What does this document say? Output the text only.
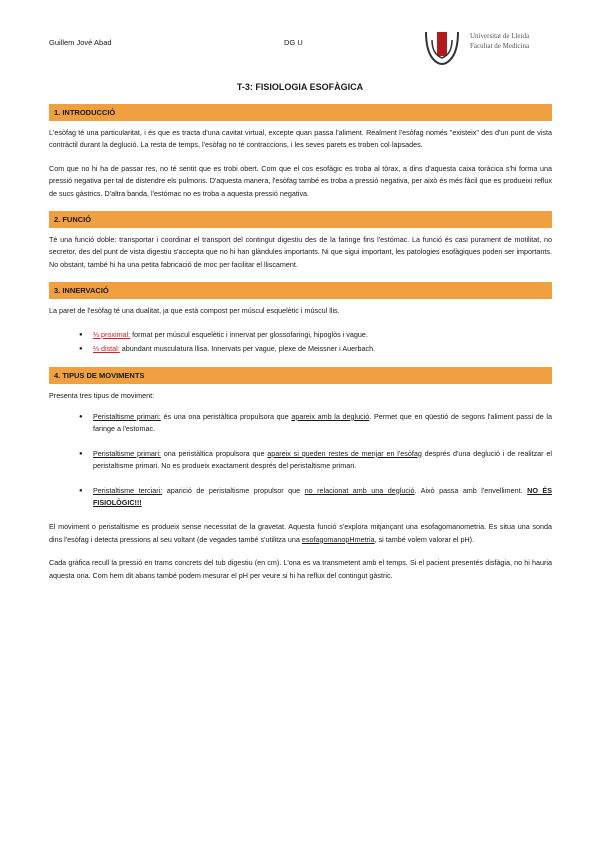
Guillem Jové Abad	DG U
Universitat de Lleida
Facultat de Medicina
T-3: FISIOLOGIA ESOFÀGICA
1. INTRODUCCIÓ

L'esòfag té una particularitat, i és que es tracta d'una cavitat virtual, excepte quan passa l'aliment. Realment l'esòfag només "existeix" des d'un punt de vista contràctil durant la deglució. La resta de temps, l'esòfag no té contraccions, i les seves parets es troben col·lapsades.

Com que no hi ha de passar res, no té sentit que es trobi obert. Com que el cos esofàgic es troba al tòrax, a dins d'aquesta caixa toràcica s'hi forma una pressió negativa per tal de distendre els pulmons. D'aquesta manera, l'esòfag també es troba a pressió negativa, per això és més fàcil que es produeixi reflux de sucs gàstrics. D'altra banda, l'estómac no es troba a aquesta pressió negativa.

2. FUNCIÓ

Té una funció doble: transportar i coordinar el transport del contingut digestiu des de la faringe fins l'estómac. La funció és casi purament de motilitat, no secretor, des del punt de vista digestiu s'accepta que no hi han glàndules importants. Ni que sigui important, les patologies esofàgiques poden ser importants. No obstant, també hi ha una petita fabricació de moc per facilitar el lliscament.

3. INNERVACIÓ

La paret de l'esòfag té una dualitat, ja que està compost per múscul esquelètic i múscul llis.

● ⅓ proximal: format per múscul esquelètic i innervat per glossofaringi, hipoglòs i vague.
● ⅔ distal: abundant musculatura llisa. Innervats per vague, plexe de Meissner i Auerbach.
4. TIPUS DE MOVIMENTS

Presenta tres tipus de moviment:

● Peristaltisme primari: és una ona peristàltica propulsora que apareix amb la deglució. Permet que en qüestió de segons l'aliment passi de la faringe a l'estomac.
● Peristaltisme primari: ona peristàltica propulsora que apareix si queden restes de menjar en l'esòfag després d'una deglució i de realitzar el peristaltisme primari. No es produeix exactament després del peristaltisme primari.
● Peristaltisme terciari: aparició de peristaltisme propulsor que no relacionat amb una deglució. Això passa amb l'envelliment. NO ÉS FISIOLÒGIC!!!

El moviment o peristaltisme es produeix sense necessitat de la gravetat. Aquesta funció s'explora mitjançant una esofagomanometria. Es situa una sonda dins l'esòfag i detecta pressions al seu voltant (de vegades també s'utilitza una esofagomanopHmetria, si també volem valorar el pH).

Cada gràfica recull la pressió en trams concrets del tub digestiu (en cm). L'ona es va transmetent amb el temps. Si el pacient presentés disfàgia, no hi hauria aquesta ona. Com hem dit abans també podem mesurar el pH per veure si hi ha reflux del contingut gàstric.
